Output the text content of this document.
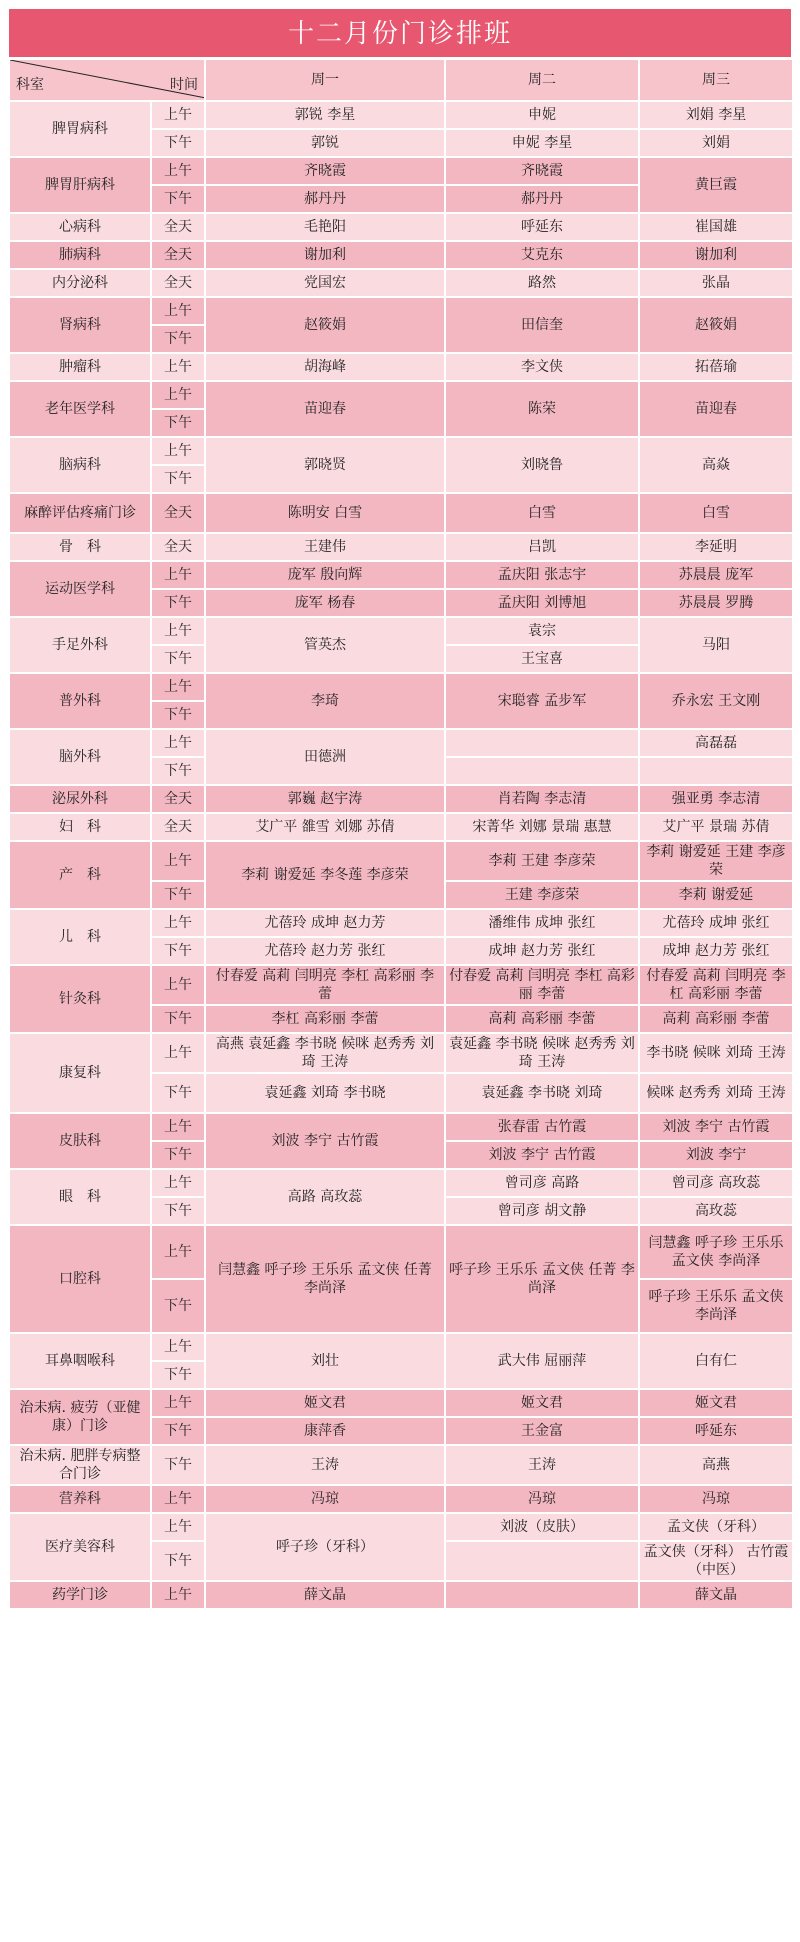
十二月份门诊排班
科室 时间		周一	周二	周三
脾胃病科	上午	郭锐 李星	申妮	刘娟 李星
	下午	郭锐	申妮 李星	刘娟
脾胃肝病科	上午	齐晓霞	齐晓霞	黄巨霞
	下午	郝丹丹	郝丹丹	
心病科	全天	毛艳阳	呼延东	崔国雄
肺病科	全天	谢加利	艾克东	谢加利
内分泌科	全天	党国宏	路然	张晶
肾病科	上午	赵筱娟	田信奎	赵筱娟
	下午			
肿瘤科	上午	胡海峰	李文侠	拓蓓瑜
老年医学科	上午	苗迎春	陈荣	苗迎春
	下午			
脑病科	上午	郭晓贤	刘晓鲁	高焱
	下午			
麻醉评估疼痛门诊	全天	陈明安 白雪	白雪	白雪
骨　科	全天	王建伟	吕凯	李延明
运动医学科	上午	庞军 殷向辉	孟庆阳 张志宇	苏晨晨 庞军
	下午	庞军 杨春	孟庆阳 刘博旭	苏晨晨 罗腾
手足外科	上午	管英杰	袁宗	马阳
	下午		王宝喜	
普外科	上午	李琦	宋聪睿 孟步军	乔永宏 王文刚
	下午			
脑外科	上午	田德洲		高磊磊
	下午			
泌尿外科	全天	郭巍 赵宇涛	肖若陶 李志清	强亚勇 李志清
妇　科	全天	艾广平 雒雪 刘娜 苏倩	宋菁华 刘娜 景瑞 惠慧	艾广平 景瑞 苏倩
产　科	上午	李莉 谢爱延 李冬莲 李彦荣	李莉 王建 李彦荣	李莉 谢爱延 王建 李彦荣
	下午		王建 李彦荣	李莉 谢爱延
儿　科	上午	尤蓓玲 成坤 赵力芳	潘维伟 成坤 张红	尤蓓玲 成坤 张红
	下午	尤蓓玲 赵力芳 张红	成坤 赵力芳 张红	成坤 赵力芳 张红
针灸科	上午	付春爱 高莉 闫明亮 李杠 高彩丽 李蕾	付春爱 高莉 闫明亮 李杠 高彩丽 李蕾	付春爱 高莉 闫明亮 李杠 高彩丽 李蕾
	下午	李杠 高彩丽 李蕾	高莉 高彩丽 李蕾	高莉 高彩丽 李蕾
康复科	上午	高燕 袁延鑫 李书晓 候咪 赵秀秀 刘琦 王涛	袁延鑫 李书晓 候咪 赵秀秀 刘琦 王涛	李书晓 候咪 刘琦 王涛
	下午	袁延鑫 刘琦 李书晓	袁延鑫 李书晓 刘琦	候咪 赵秀秀 刘琦 王涛
皮肤科	上午	刘波 李宁 古竹霞	张春雷 古竹霞	刘波 李宁 古竹霞
	下午		刘波 李宁 古竹霞	刘波 李宁
眼　科	上午	高路 高玫蕊	曾司彦 高路	曾司彦 高玫蕊
	下午		曾司彦 胡文静	高玫蕊
口腔科	上午	闫慧鑫 呼子珍 王乐乐 孟文侠 任菁 李尚泽	呼子珍 王乐乐 孟文侠 任菁 李尚泽	闫慧鑫 呼子珍 王乐乐 孟文侠 李尚泽
	下午			呼子珍 王乐乐 孟文侠 李尚泽
耳鼻咽喉科	上午	刘壮	武大伟 屈丽萍	白有仁
	下午			
治未病. 疲劳（亚健康）门诊	上午	姬文君	姬文君	姬文君
	下午	康萍香	王金富	呼延东
治未病. 肥胖专病整合门诊	下午	王涛	王涛	高燕
营养科	上午	冯琼	冯琼	冯琼
医疗美容科	上午	呼子珍（牙科）	刘波（皮肤）	孟文侠（牙科）
	下午			孟文侠（牙科） 古竹霞（中医）
药学门诊	上午	薛文晶		薛文晶
